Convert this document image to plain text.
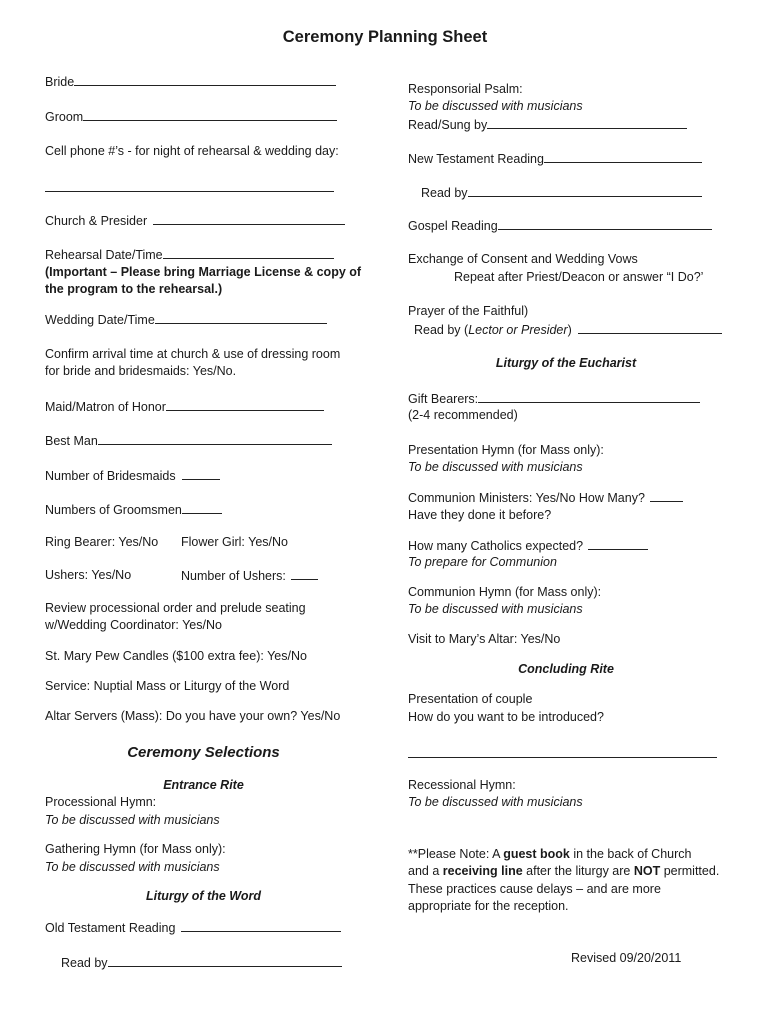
Ceremony Planning Sheet
Bride
Groom
Cell phone #’s - for night of rehearsal & wedding day:
Church & Presider
Rehearsal Date/Time
(Important – Please bring Marriage License & copy of
the program to the rehearsal.)
Wedding Date/Time
Confirm arrival time at church & use of dressing room
for bride and bridesmaids: Yes/No.
Maid/Matron of Honor
Best Man
Number of Bridesmaids
Numbers of Groomsmen
Ring Bearer: Yes/No Flower Girl: Yes/No
Ushers: Yes/No	Number of Ushers:
Review processional order and prelude seating
w/Wedding Coordinator: Yes/No
St. Mary Pew Candles ($100 extra fee): Yes/No
Service: Nuptial Mass or Liturgy of the Word
Altar Servers (Mass): Do you have your own? Yes/No
Ceremony Selections
Entrance Rite
Processional Hymn:
To be discussed with musicians
Gathering Hymn (for Mass only):
To be discussed with musicians
Liturgy of the Word
Old Testament Reading
Read by
Responsorial Psalm:
To be discussed with musicians
Read/Sung by
New Testament Reading
Read by
Gospel Reading
Exchange of Consent and Wedding Vows
Repeat after Priest/Deacon or answer “I Do?’
Prayer of the Faithful)
Read by (Lector or Presider)
Liturgy of the Eucharist
Gift Bearers:
(2-4 recommended)
Presentation Hymn (for Mass only):
To be discussed with musicians
Communion Ministers: Yes/No How Many?
Have they done it before?
How many Catholics expected?
To prepare for Communion
Communion Hymn (for Mass only):
To be discussed with musicians
Visit to Mary’s Altar: Yes/No
Concluding Rite
Presentation of couple
How do you want to be introduced?
Recessional Hymn:
To be discussed with musicians
**Please Note: A guest book in the back of Church
and a receiving line after the liturgy are NOT permitted.
These practices cause delays – and are more
appropriate for the reception.
Revised 09/20/2011
